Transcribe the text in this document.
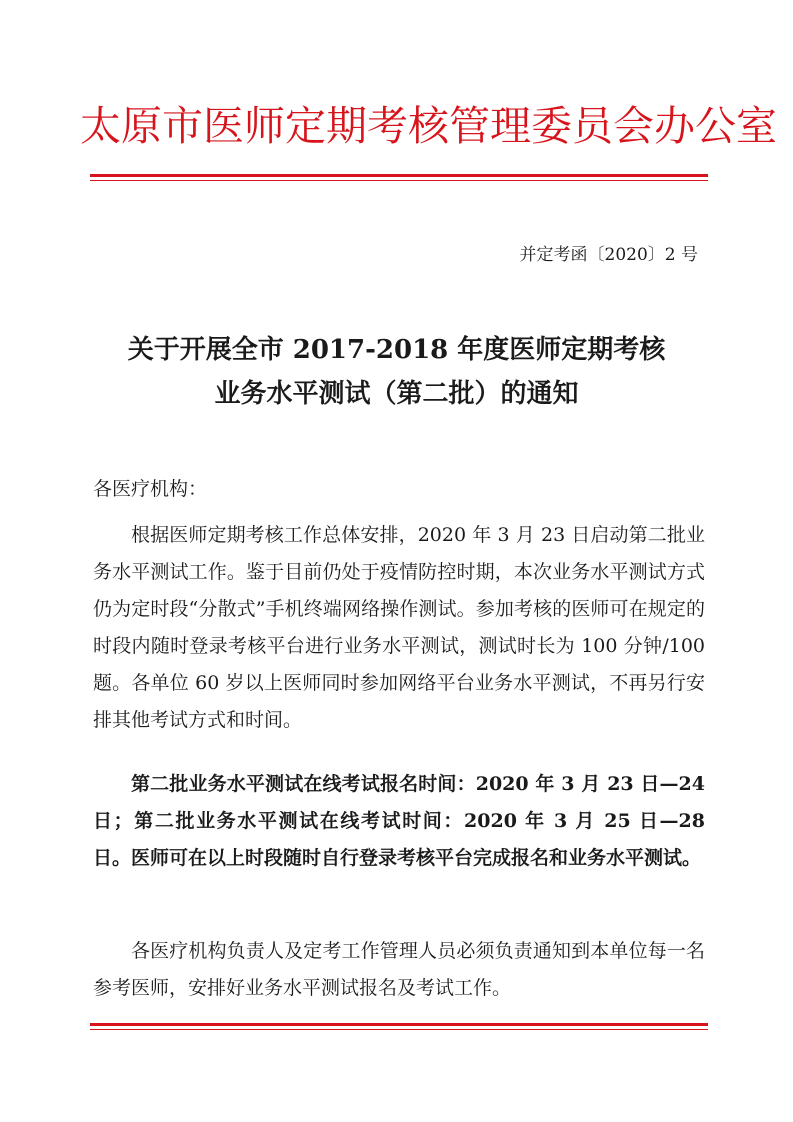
太原市医师定期考核管理委员会办公室
并定考函〔2020〕2 号
关于开展全市 2017-2018 年度医师定期考核
业务水平测试（第二批）的通知
各医疗机构：
根据医师定期考核工作总体安排，2020 年 3 月 23 日启动第二批业务水平测试工作。鉴于目前仍处于疫情防控时期，本次业务水平测试方式仍为定时段“分散式”手机终端网络操作测试。参加考核的医师可在规定的时段内随时登录考核平台进行业务水平测试，测试时长为 100 分钟/100 题。各单位 60 岁以上医师同时参加网络平台业务水平测试，不再另行安排其他考试方式和时间。
第二批业务水平测试在线考试报名时间：2020 年 3 月 23 日—24 日；第二批业务水平测试在线考试时间：2020 年 3 月 25 日—28 日。医师可在以上时段随时自行登录考核平台完成报名和业务水平测试。
各医疗机构负责人及定考工作管理人员必须负责通知到本单位每一名参考医师，安排好业务水平测试报名及考试工作。
